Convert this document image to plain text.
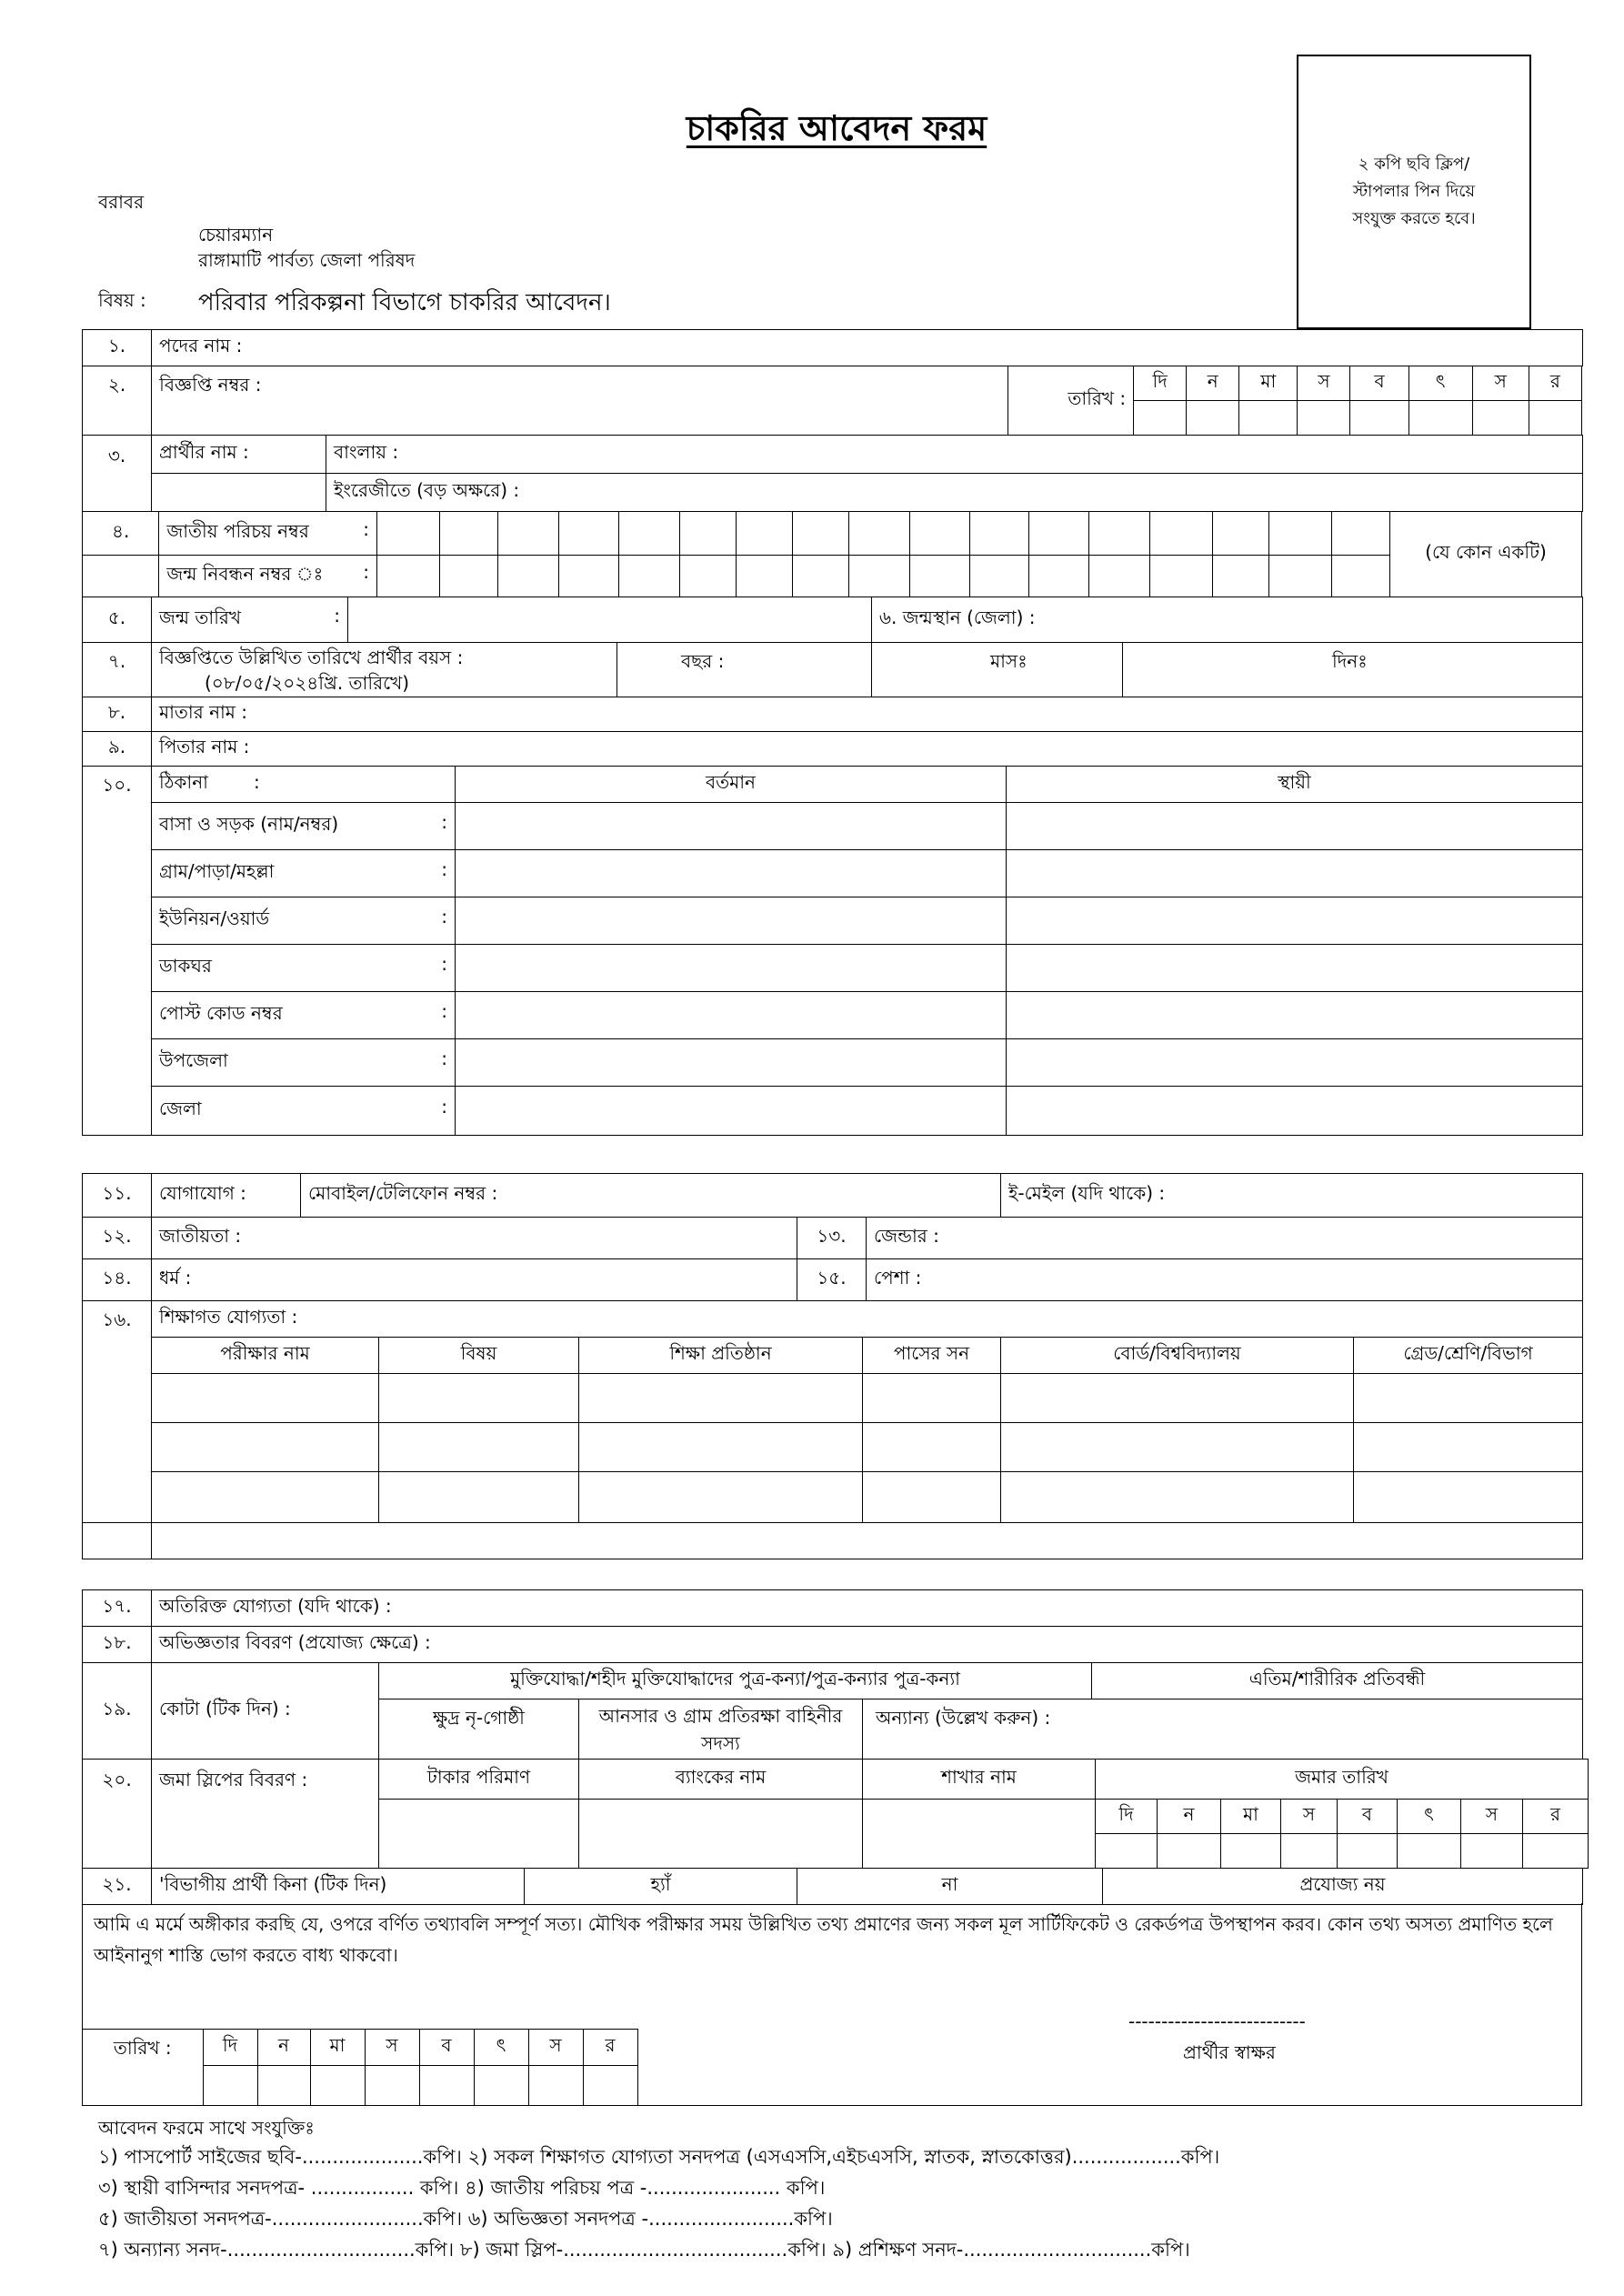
চাকরির আবেদন ফরম
২ কপি ছবি ক্লিপ/
স্টাপলার পিন দিয়ে
সংযুক্ত করতে হবে।
বরাবর
চেয়ারম্যান
রাঙ্গামাটি পার্বত্য জেলা পরিষদ
বিষয় : পরিবার পরিকল্পনা বিভাগে চাকরির আবেদন।
১.	পদের নাম :
২.	বিজ্ঞপ্তি নম্বর :	তারিখ :	দি	ন	মা	স	ব	ৎ	স	র

৩.	প্রার্থীর নাম :	বাংলায় :
		ইংরেজীতে (বড় অক্ষরে) :
৪.	জাতীয় পরিচয় নম্বর :																		(যে কোন একটি)

	জন্ম নিবন্ধন নম্বর ঃ :																		

৫.	জন্ম তারিখ	:		৬. জন্মস্থান (জেলা) :
৭.	বিজ্ঞপ্তিতে উল্লিখিত তারিখে প্রার্থীর বয়স :
(০৮/০৫/২০২৪খ্রি. তারিখে)
	বছর :	মাসঃ	দিনঃ
৮.	মাতার নাম :
৯.	পিতার নাম :
১০.	ঠিকানা :	বর্তমান	স্থায়ী

	বাসা ও সড়ক (নাম/নম্বর) :		

	গ্রাম/পাড়া/মহল্লা :		

	ইউনিয়ন/ওয়ার্ড :		

	ডাকঘর :		

	পোস্ট কোড নম্বর :		

	উপজেলা :		

	জেলা :		

১১.	যোগাযোগ :	মোবাইল/টেলিফোন নম্বর :	ই-মেইল (যদি থাকে) :
১২.	জাতীয়তা :	১৩.	জেন্ডার :
১৪.	ধর্ম :	১৫.	পেশা :
১৬.	শিক্ষাগত যোগ্যতা :					
	পরীক্ষার নাম	বিষয়	শিক্ষা প্রতিষ্ঠান	পাসের সন	বোর্ড/বিশ্ববিদ্যালয়	গ্রেড/শ্রেণি/বিভাগ

১৭.	অতিরিক্ত যোগ্যতা (যদি থাকে) :
১৮.	অভিজ্ঞতার বিবরণ (প্রযোজ্য ক্ষেত্রে) :
১৯.	কোটা (টিক দিন) :	মুক্তিযোদ্ধা/শহীদ মুক্তিযোদ্ধাদের পুত্র-কন্যা/পুত্র-কন্যার পুত্র-কন্যা			এতিম/শারীরিক প্রতিবন্ধী
		ক্ষুদ্র নৃ-গোষ্ঠী	আনসার ও গ্রাম প্রতিরক্ষা বাহিনীর সদস্য	অন্যান্য (উল্লেখ করুন) :	
২০.	জমা স্লিপের বিবরণ :	টাকার পরিমাণ	ব্যাংকের নাম	শাখার নাম	জমার তারিখ							
					দি	ন	মা	স	ব	ৎ	স	র

২১.	'বিভাগীয় প্রার্থী কিনা (টিক দিন)	হ্যাঁ	না	প্রযোজ্য নয়
আমি এ মর্মে অঙ্গীকার করছি যে, ওপরে বর্ণিত তথ্যাবলি সম্পূর্ণ সত্য। মৌখিক পরীক্ষার সময় উল্লিখিত তথ্য প্রমাণের জন্য সকল মূল সার্টিফিকেট ও রেকর্ডপত্র উপস্থাপন করব। কোন তথ্য অসত্য প্রমাণিত হলে আইনানুগ শাস্তি ভোগ করতে বাধ্য থাকবো।
---------------------------
প্রার্থীর স্বাক্ষর
তারিখ :	দি	ন	মা	স	ব	ৎ	স	র

আবেদন ফরমে সাথে সংযুক্তিঃ
১) পাসপোর্ট সাইজের ছবি-....................কপি। ২) সকল শিক্ষাগত যোগ্যতা সনদপত্র (এসএসসি,এইচএসসি, স্নাতক, স্নাতকোত্তর)..................কপি।
৩) স্থায়ী বাসিন্দার সনদপত্র- ................. কপি। ৪) জাতীয় পরিচয় পত্র -...................... কপি।
৫) জাতীয়তা সনদপত্র-.........................কপি। ৬) অভিজ্ঞতা সনদপত্র -........................কপি।
৭) অন্যান্য সনদ-...............................কপি। ৮) জমা স্লিপ-.....................................কপি। ৯) প্রশিক্ষণ সনদ-...............................কপি।
